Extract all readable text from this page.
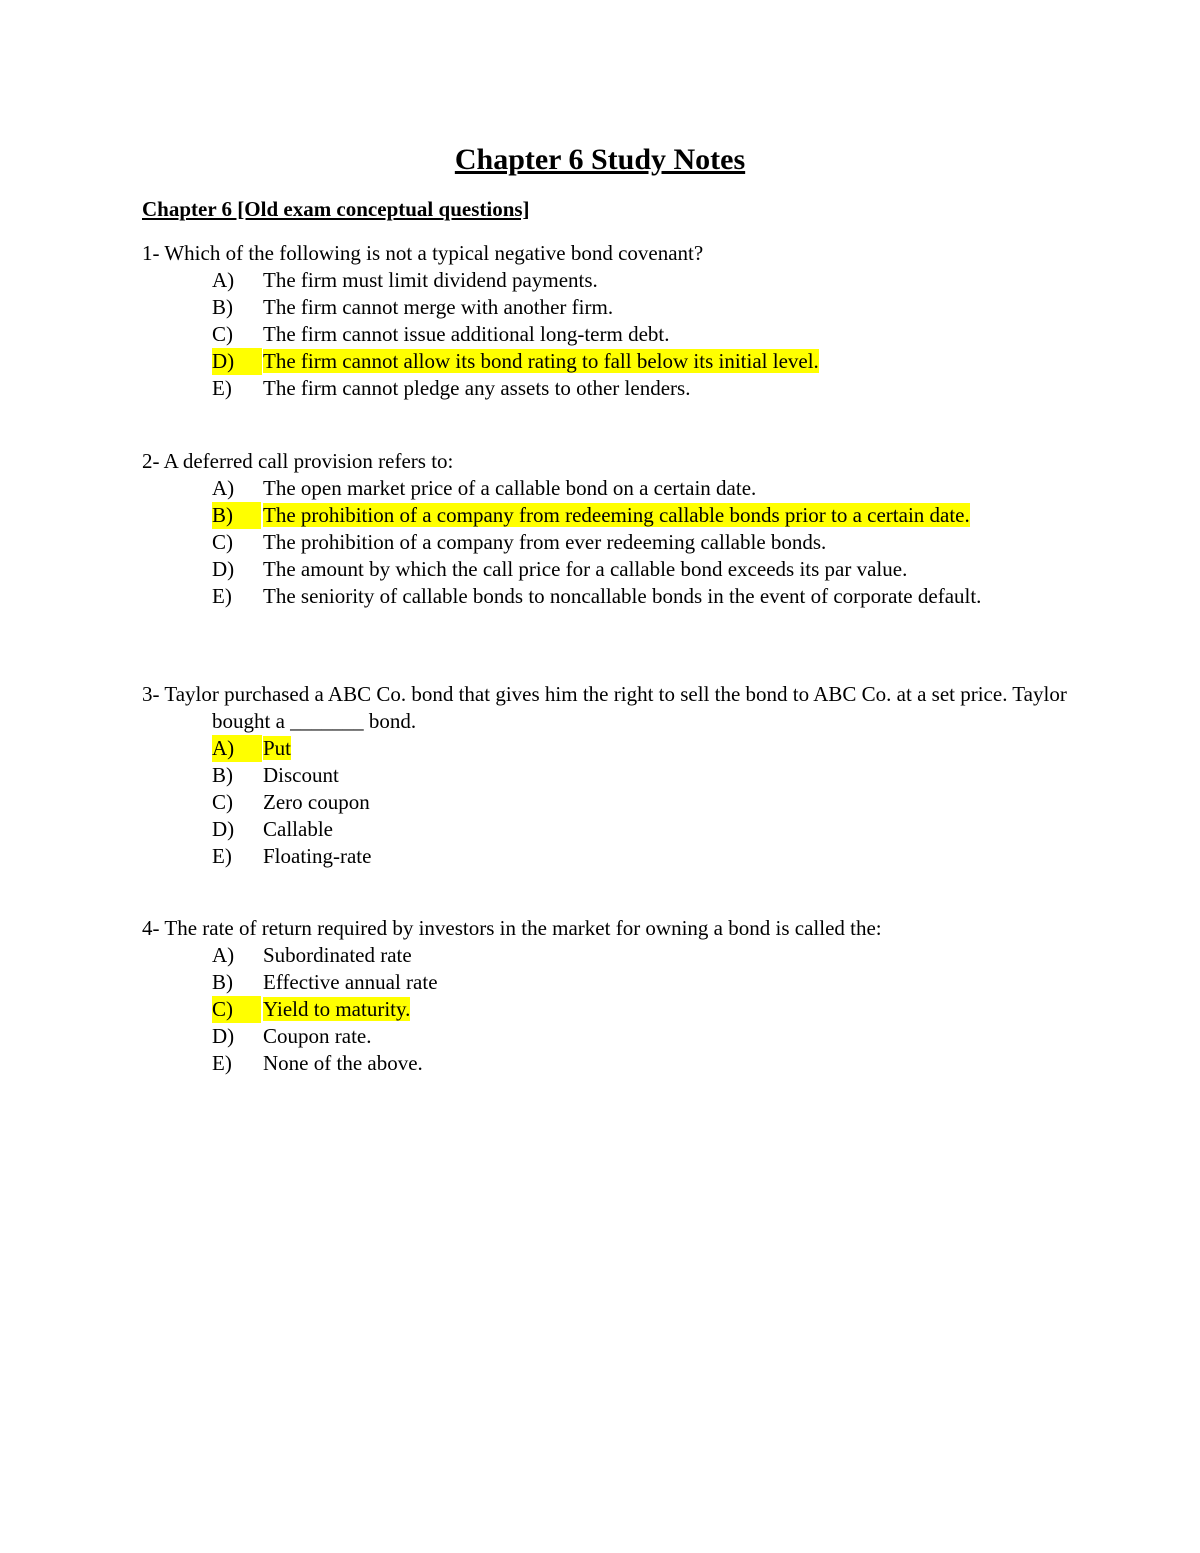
Chapter 6 Study Notes
Chapter 6 [Old exam conceptual questions]

1- Which of the following is not a typical negative bond covenant?

A) The firm must limit dividend payments.
B) The firm cannot merge with another firm.
C) The firm cannot issue additional long-term debt.
D)	The firm cannot allow its bond rating to fall below its initial level.
E) The firm cannot pledge any assets to other lenders.

2- A deferred call provision refers to:

A) The open market price of a callable bond on a certain date.
B)	The prohibition of a company from redeeming callable bonds prior to a certain date.
C) The prohibition of a company from ever redeeming callable bonds.
D) The amount by which the call price for a callable bond exceeds its par value.
E) The seniority of callable bonds to noncallable bonds in the event of corporate default.

3- Taylor purchased a ABC Co. bond that gives him the right to sell the bond to ABC Co. at a set price. Taylor bought a _______ bond.

A)	Put
B) Discount
C) Zero coupon
D) Callable
E) Floating-rate

4- The rate of return required by investors in the market for owning a bond is called the:

A) Subordinated rate
B) Effective annual rate
C)	Yield to maturity.
D) Coupon rate.
E) None of the above.
